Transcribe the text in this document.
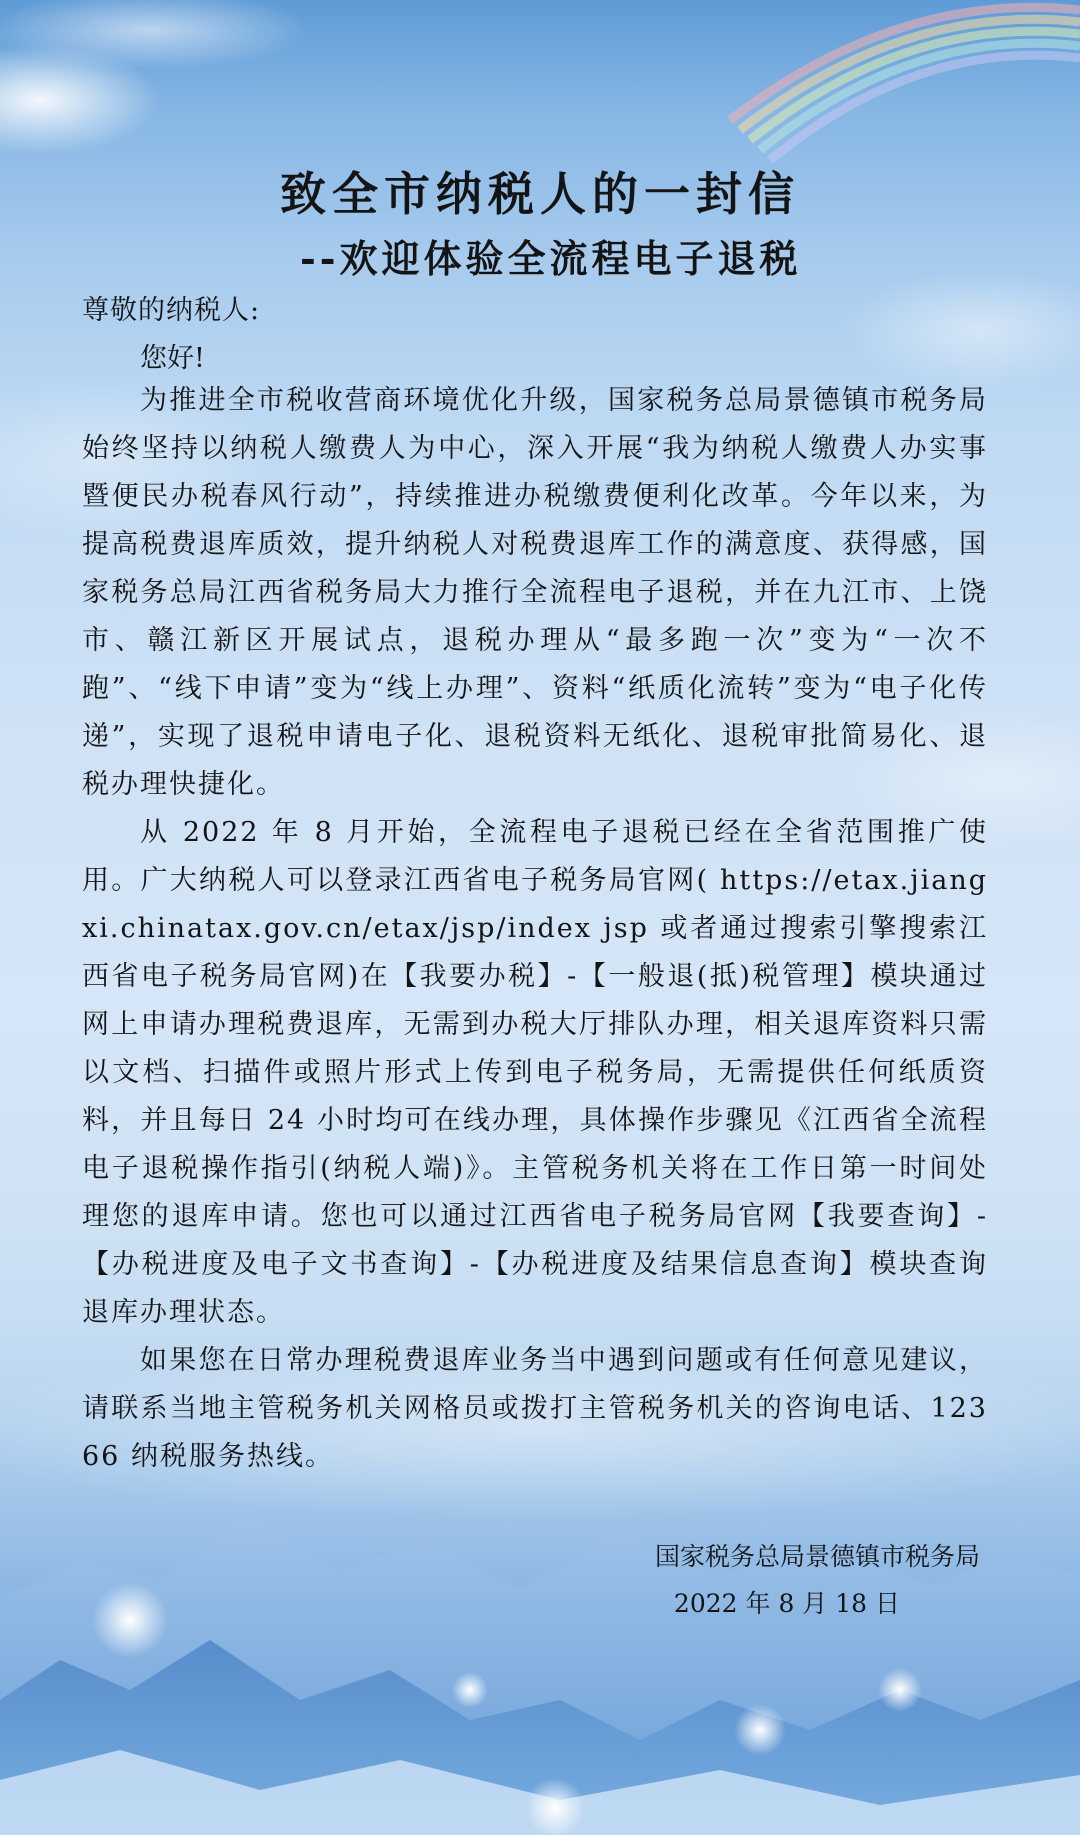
致全市纳税人的一封信
--欢迎体验全流程电子退税

尊敬的纳税人:

您好!

为推进全市税收营商环境优化升级，国家税务总局景德镇市税务局始终坚持以纳税人缴费人为中心，深入开展“我为纳税人缴费人办实事暨便民办税春风行动”，持续推进办税缴费便利化改革。今年以来，为提高税费退库质效，提升纳税人对税费退库工作的满意度、获得感，国家税务总局江西省税务局大力推行全流程电子退税，并在九江市、上饶市、赣江新区开展试点，退税办理从“最多跑一次”变为“一次不跑”、“线下申请”变为“线上办理”、资料“纸质化流转”变为“电子化传递”，实现了退税申请电子化、退税资料无纸化、退税审批简易化、退税办理快捷化。

从 2022 年 8 月开始，全流程电子退税已经在全省范围推广使用。广大纳税人可以登录江西省电子税务局官网( https://etax.jiangxi.chinatax.gov.cn/etax/jsp/index jsp 或者通过搜索引擎搜索江西省电子税务局官网)在【我要办税】-【一般退(抵)税管理】模块通过网上申请办理税费退库，无需到办税大厅排队办理，相关退库资料只需以文档、扫描件或照片形式上传到电子税务局，无需提供任何纸质资料，并且每日 24 小时均可在线办理，具体操作步骤见《江西省全流程电子退税操作指引(纳税人端)》。主管税务机关将在工作日第一时间处理您的退库申请。您也可以通过江西省电子税务局官网【我要查询】-【办税进度及电子文书查询】-【办税进度及结果信息查询】模块查询退库办理状态。

如果您在日常办理税费退库业务当中遇到问题或有任何意见建议，请联系当地主管税务机关网格员或拨打主管税务机关的咨询电话、12366 纳税服务热线。

国家税务总局景德镇市税务局

2022 年 8 月 18 日
